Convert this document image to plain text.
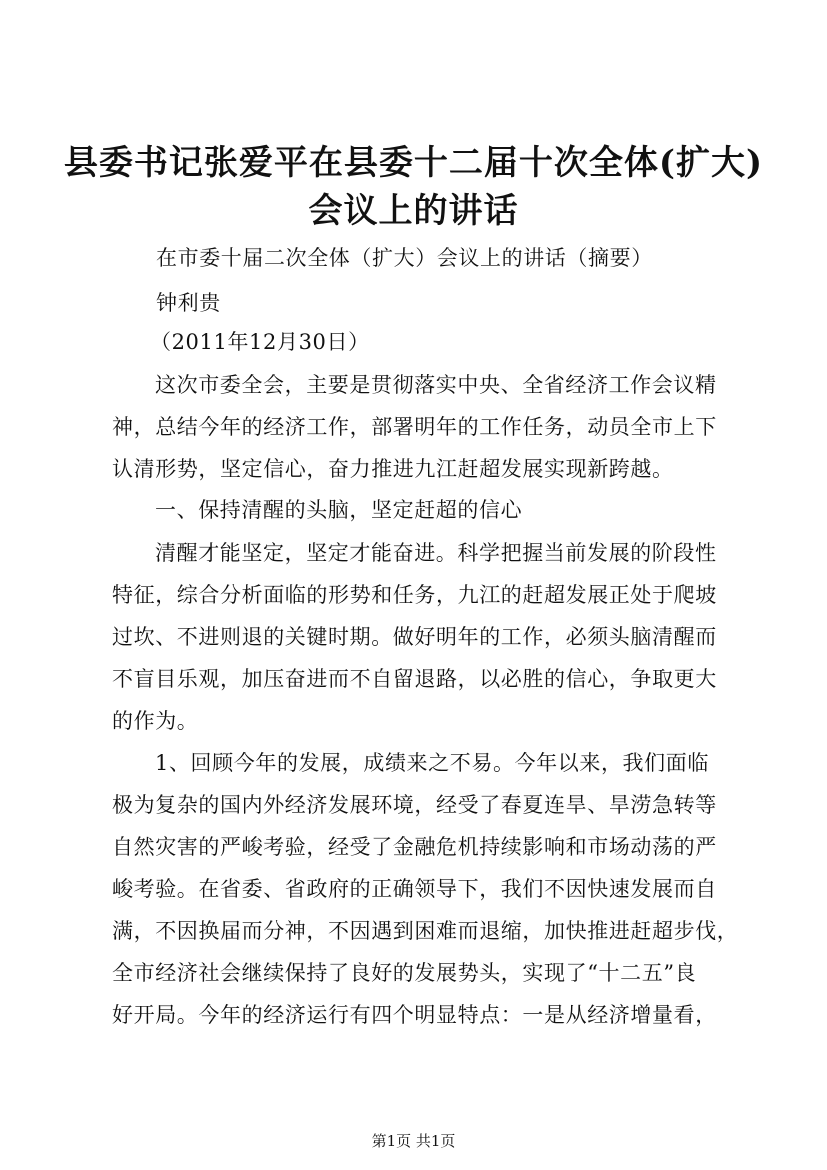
县委书记张爱平在县委十二届十次全体(扩大)
会议上的讲话
在市委十届二次全体（扩大）会议上的讲话（摘要）
钟利贵
（2011年12月30日）
这次市委全会，主要是贯彻落实中央、全省经济工作会议精
神，总结今年的经济工作，部署明年的工作任务，动员全市上下
认清形势，坚定信心，奋力推进九江赶超发展实现新跨越。
一、保持清醒的头脑，坚定赶超的信心
清醒才能坚定，坚定才能奋进。科学把握当前发展的阶段性
特征，综合分析面临的形势和任务，九江的赶超发展正处于爬坡
过坎、不进则退的关键时期。做好明年的工作，必须头脑清醒而
不盲目乐观，加压奋进而不自留退路，以必胜的信心，争取更大
的作为。
1、回顾今年的发展，成绩来之不易。今年以来，我们面临
极为复杂的国内外经济发展环境，经受了春夏连旱、旱涝急转等
自然灾害的严峻考验，经受了金融危机持续影响和市场动荡的严
峻考验。在省委、省政府的正确领导下，我们不因快速发展而自
满，不因换届而分神，不因遇到困难而退缩，加快推进赶超步伐，
全市经济社会继续保持了良好的发展势头，实现了“十二五”良
好开局。今年的经济运行有四个明显特点：一是从经济增量看，
第1页 共1页
